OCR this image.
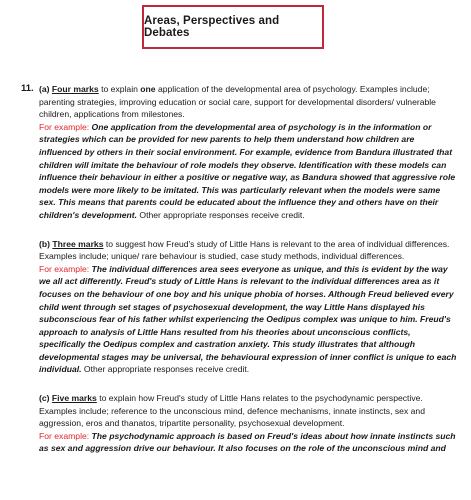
Areas, Perspectives and Debates
11. (a) Four marks to explain one application of the developmental area of psychology. Examples include; parenting strategies, improving education or social care, support for developmental disorders/ vulnerable children, applications from milestones.
For example: One application from the developmental area of psychology is in the information or strategies which can be provided for new parents to help them understand how children are influenced by others in their social environment. For example, evidence from Bandura illustrated that children will imitate the behaviour of role models they observe. Identification with these models can influence their behaviour in either a positive or negative way, as Bandura showed that aggressive role models were more likely to be imitated. This was particularly relevant when the models were same sex. This means that parents could be educated about the influence they and others have on their children's development. Other appropriate responses receive credit.
(b) Three marks to suggest how Freud's study of Little Hans is relevant to the area of individual differences. Examples include; unique/ rare behaviour is studied, case study methods, individual differences.
For example: The individual differences area sees everyone as unique, and this is evident by the way we all act differently. Freud's study of Little Hans is relevant to the individual differences area as it focuses on the behaviour of one boy and his unique phobia of horses. Although Freud believed every child went through set stages of psychosexual development, the way Little Hans displayed his subconscious fear of his father whilst experiencing the Oedipus complex was unique to him. Freud's approach to analysis of Little Hans resulted from his theories about unconscious conflicts, specifically the Oedipus complex and castration anxiety. This study illustrates that although developmental stages may be universal, the behavioural expression of inner conflict is unique to each individual. Other appropriate responses receive credit.
(c) Five marks to explain how Freud's study of Little Hans relates to the psychodynamic perspective. Examples include; reference to the unconscious mind, defence mechanisms, innate instincts, sex and aggression, eros and thanatos, tripartite personality, psychosexual development.
For example: The psychodynamic approach is based on Freud's ideas about how innate instincts such as sex and aggression drive our behaviour. It also focuses on the role of the unconscious mind and
